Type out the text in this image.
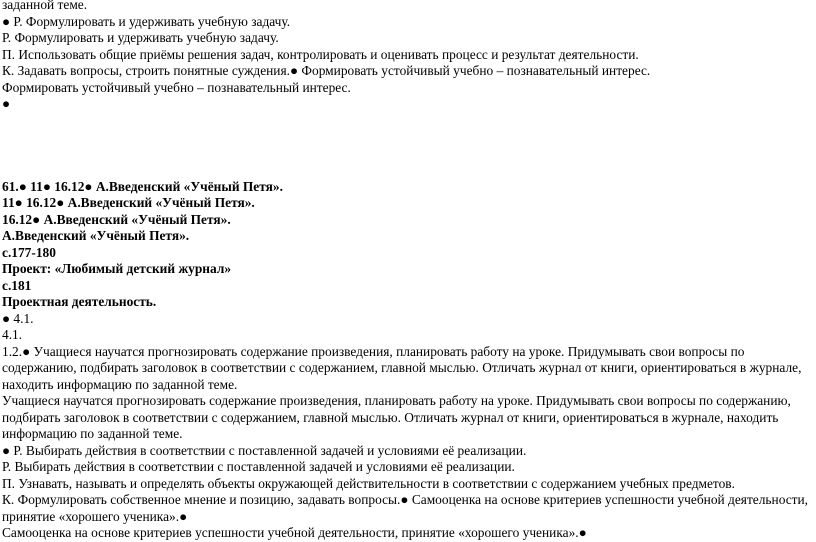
заданной теме.
● Р. Формулировать и удерживать учебную задачу.
Р. Формулировать и удерживать учебную задачу.
П. Использовать общие приёмы решения задач, контролировать и оценивать процесс и результат деятельности.
К. Задавать вопросы, строить понятные суждения.● Формировать устойчивый учебно – познавательный интерес.
Формировать устойчивый учебно – познавательный интерес.
●
61.● 11● 16.12● А.Введенский «Учёный Петя».
11● 16.12● А.Введенский «Учёный Петя».
16.12● А.Введенский «Учёный Петя».
А.Введенский «Учёный Петя».
с.177-180
Проект: «Любимый детский журнал»
с.181
Проектная деятельность.
● 4.1.
4.1.
1.2.● Учащиеся научатся прогнозировать содержание произведения, планировать работу на уроке. Придумывать свои вопросы по содержанию, подбирать заголовок в соответствии с содержанием, главной мыслью. Отличать журнал от книги, ориентироваться в журнале, находить информацию по заданной теме.
Учащиеся научатся прогнозировать содержание произведения, планировать работу на уроке. Придумывать свои вопросы по содержанию, подбирать заголовок в соответствии с содержанием, главной мыслью. Отличать журнал от книги, ориентироваться в журнале, находить информацию по заданной теме.
● Р. Выбирать действия в соответствии с поставленной задачей и условиями её реализации.
Р. Выбирать действия в соответствии с поставленной задачей и условиями её реализации.
П. Узнавать, называть и определять объекты окружающей действительности в соответствии с содержанием учебных предметов.
К. Формулировать собственное мнение и позицию, задавать вопросы.● Самооценка на основе критериев успешности учебной деятельности, принятие «хорошего ученика».●
Самооценка на основе критериев успешности учебной деятельности, принятие «хорошего ученика».●
